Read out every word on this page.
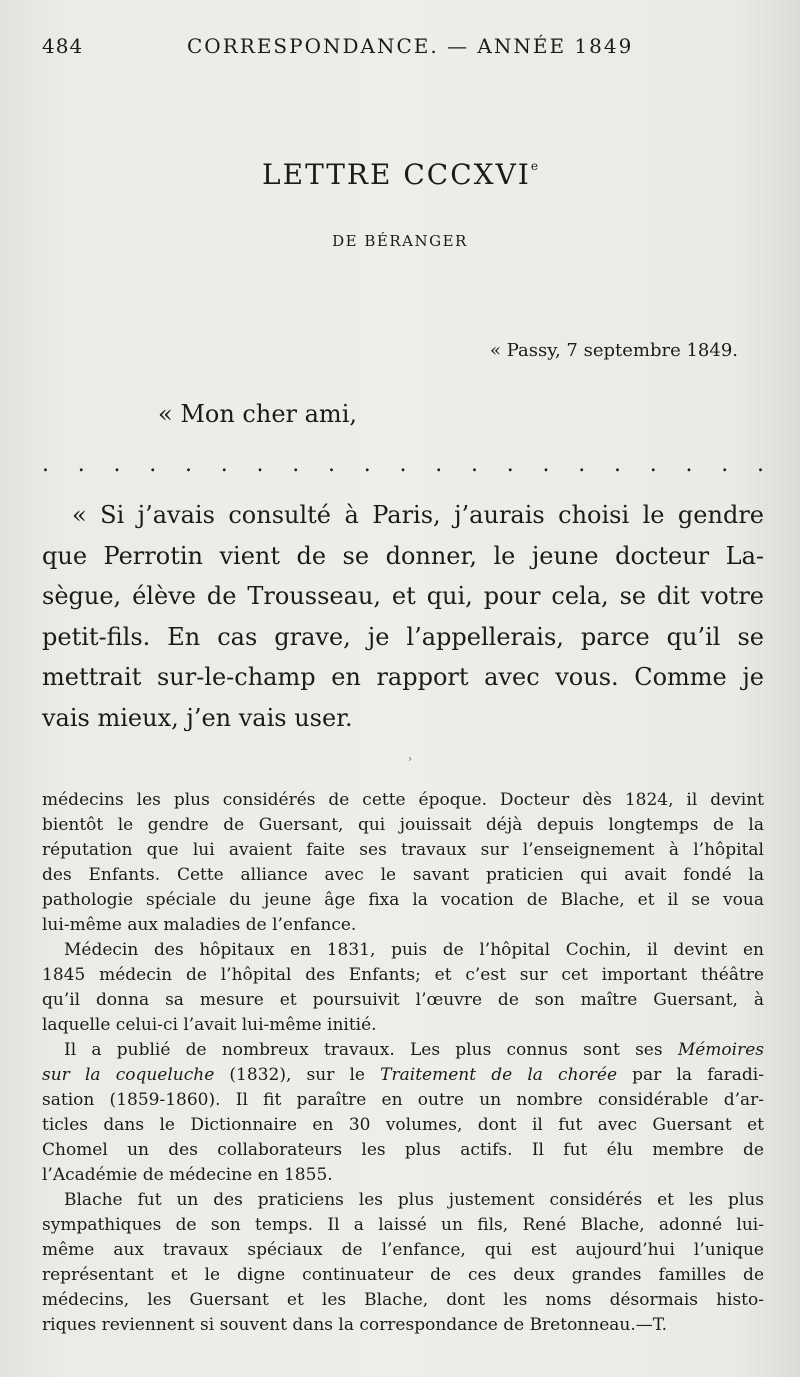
484	CORRESPONDANCE. — ANNÉE 1849
LETTRE CCCXVIe
DE BÉRANGER
« Passy, 7 septembre 1849.
« Mon cher ami,
. . . . . . . . . . . . . . . . . . . . .
« Si j’avais consulté à Paris, j’aurais choisi le gendre
que Perrotin vient de se donner, le jeune docteur La-
sègue, élève de Trousseau, et qui, pour cela, se dit votre
petit-fils. En cas grave, je l’appellerais, parce qu’il se
mettrait sur-le-champ en rapport avec vous. Comme je
vais mieux, j’en vais user.
›
médecins les plus considérés de cette époque. Docteur dès 1824, il devint
bientôt le gendre de Guersant, qui jouissait déjà depuis longtemps de la
réputation que lui avaient faite ses travaux sur l’enseignement à l’hôpital
des Enfants. Cette alliance avec le savant praticien qui avait fondé la
pathologie spéciale du jeune âge fixa la vocation de Blache, et il se voua
lui-même aux maladies de l’enfance.
Médecin des hôpitaux en 1831, puis de l’hôpital Cochin, il devint en
1845 médecin de l’hôpital des Enfants; et c’est sur cet important théâtre
qu’il donna sa mesure et poursuivit l’œuvre de son maître Guersant, à
laquelle celui-ci l’avait lui-même initié.
Il a publié de nombreux travaux. Les plus connus sont ses Mémoires
sur la coqueluche (1832), sur le Traitement de la chorée par la faradi-
sation (1859-1860). Il fit paraître en outre un nombre considérable d’ar-
ticles dans le Dictionnaire en 30 volumes, dont il fut avec Guersant et
Chomel un des collaborateurs les plus actifs. Il fut élu membre de
l’Académie de médecine en 1855.
Blache fut un des praticiens les plus justement considérés et les plus
sympathiques de son temps. Il a laissé un fils, René Blache, adonné lui-
même aux travaux spéciaux de l’enfance, qui est aujourd’hui l’unique
représentant et le digne continuateur de ces deux grandes familles de
médecins, les Guersant et les Blache, dont les noms désormais histo-
riques reviennent si souvent dans la correspondance de Bretonneau.—T.
